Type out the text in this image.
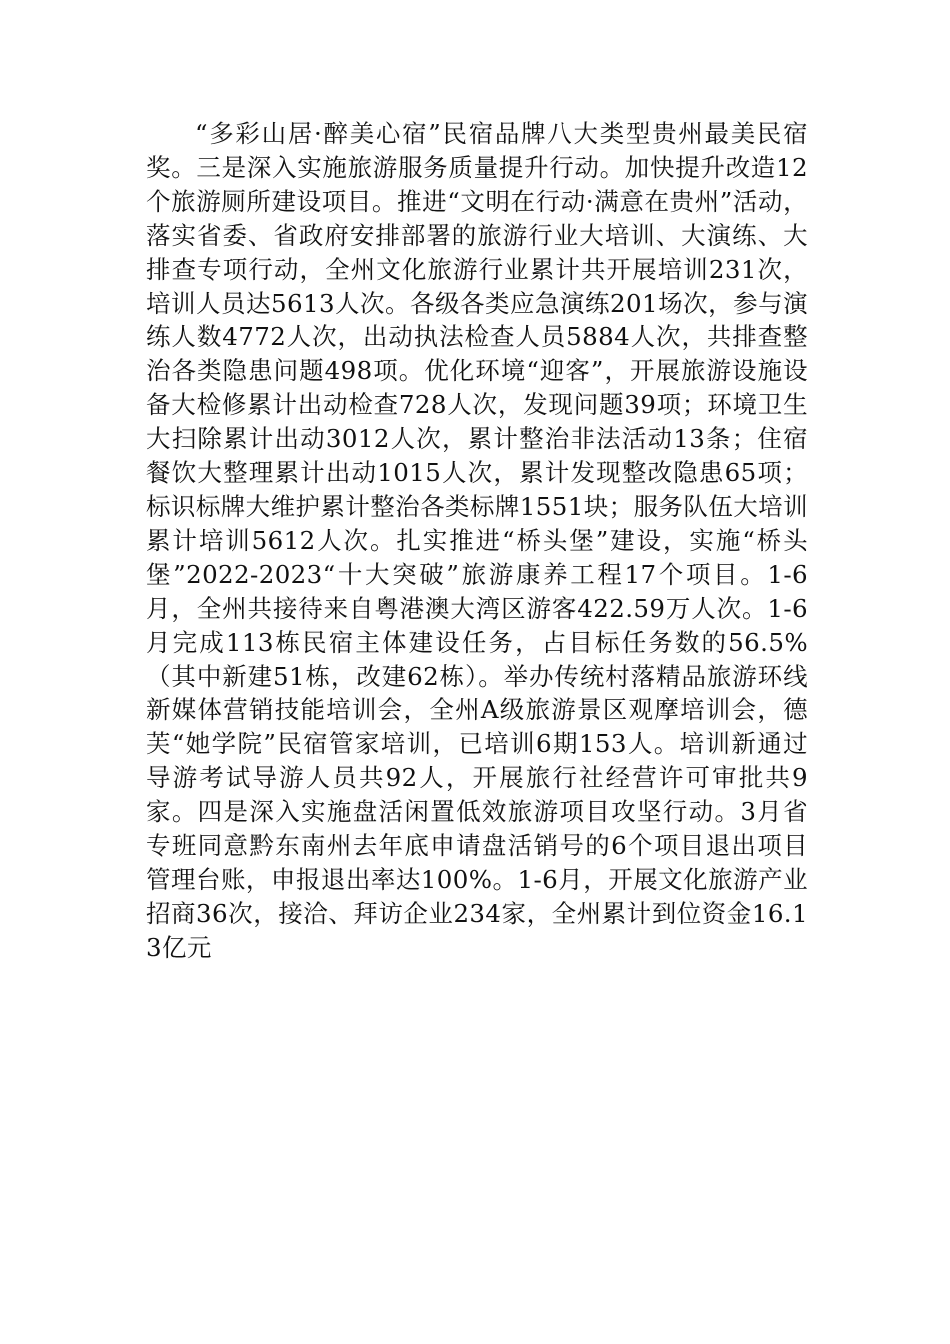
“多彩山居·醉美心宿”民宿品牌八大类型贵州最美民宿奖。三是深入实施旅游服务质量提升行动。加快提升改造12个旅游厕所建设项目。推进“文明在行动·满意在贵州”活动，落实省委、省政府安排部署的旅游行业大培训、大演练、大排查专项行动，全州文化旅游行业累计共开展培训231次，培训人员达5613人次。各级各类应急演练201场次，参与演练人数4772人次，出动执法检查人员5884人次，共排查整治各类隐患问题498项。优化环境“迎客”，开展旅游设施设备大检修累计出动检查728人次，发现问题39项；环境卫生大扫除累计出动3012人次，累计整治非法活动13条；住宿餐饮大整理累计出动1015人次，累计发现整改隐患65项；标识标牌大维护累计整治各类标牌1551块；服务队伍大培训累计培训5612人次。扎实推进“桥头堡”建设，实施“桥头堡”2022-2023“十大突破”旅游康养工程17个项目。1-6月，全州共接待来自粤港澳大湾区游客422.59万人次。1-6月完成113栋民宿主体建设任务，占目标任务数的56.5%（其中新建51栋，改建62栋）。举办传统村落精品旅游环线新媒体营销技能培训会，全州A级旅游景区观摩培训会，德芙“她学院”民宿管家培训，已培训6期153人。培训新通过导游考试导游人员共92人，开展旅行社经营许可审批共9家。四是深入实施盘活闲置低效旅游项目攻坚行动。3月省专班同意黔东南州去年底申请盘活销号的6个项目退出项目管理台账，申报退出率达100%。1-6月，开展文化旅游产业招商36次，接洽、拜访企业234家，全州累计到位资金16.13亿元
